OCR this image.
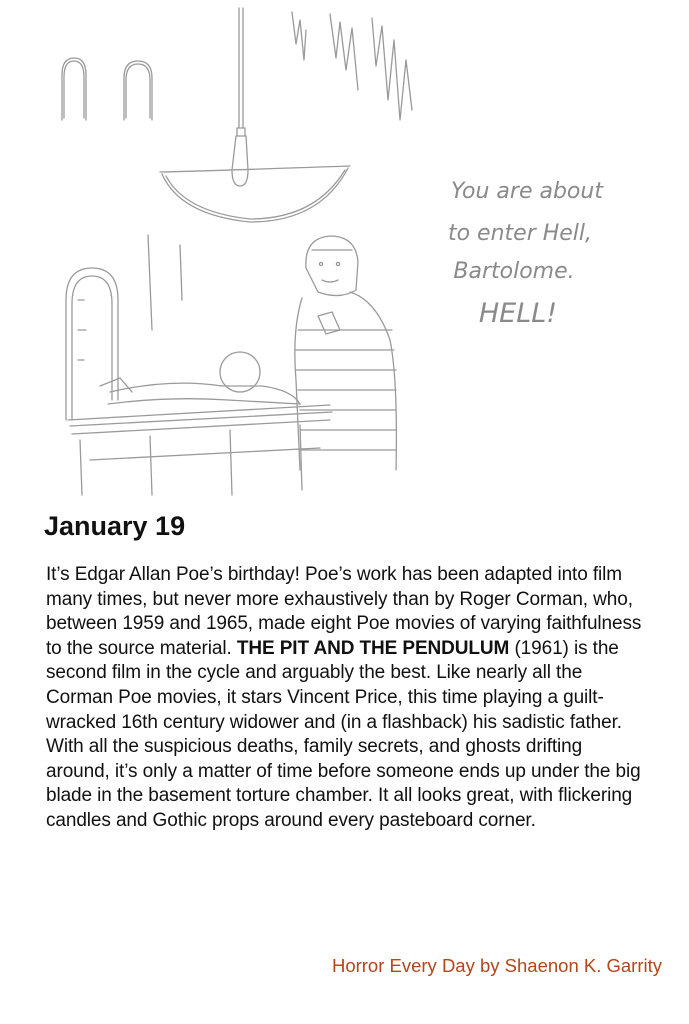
You are about
to enter Hell,
Bartolome.
HELL!
January 19

It’s Edgar Allan Poe’s birthday! Poe’s work has been adapted into film many times, but never more exhaustively than by Roger Corman, who, between 1959 and 1965, made eight Poe movies of varying faithfulness to the source material. THE PIT AND THE PENDULUM (1961) is the second film in the cycle and arguably the best. Like nearly all the Corman Poe movies, it stars Vincent Price, this time playing a guilt-wracked 16th century widower and (in a flashback) his sadistic father. With all the suspicious deaths, family secrets, and ghosts drifting around, it’s only a matter of time before someone ends up under the big blade in the basement torture chamber. It all looks great, with flickering candles and Gothic props around every pasteboard corner.

Horror Every Day by Shaenon K. Garrity
